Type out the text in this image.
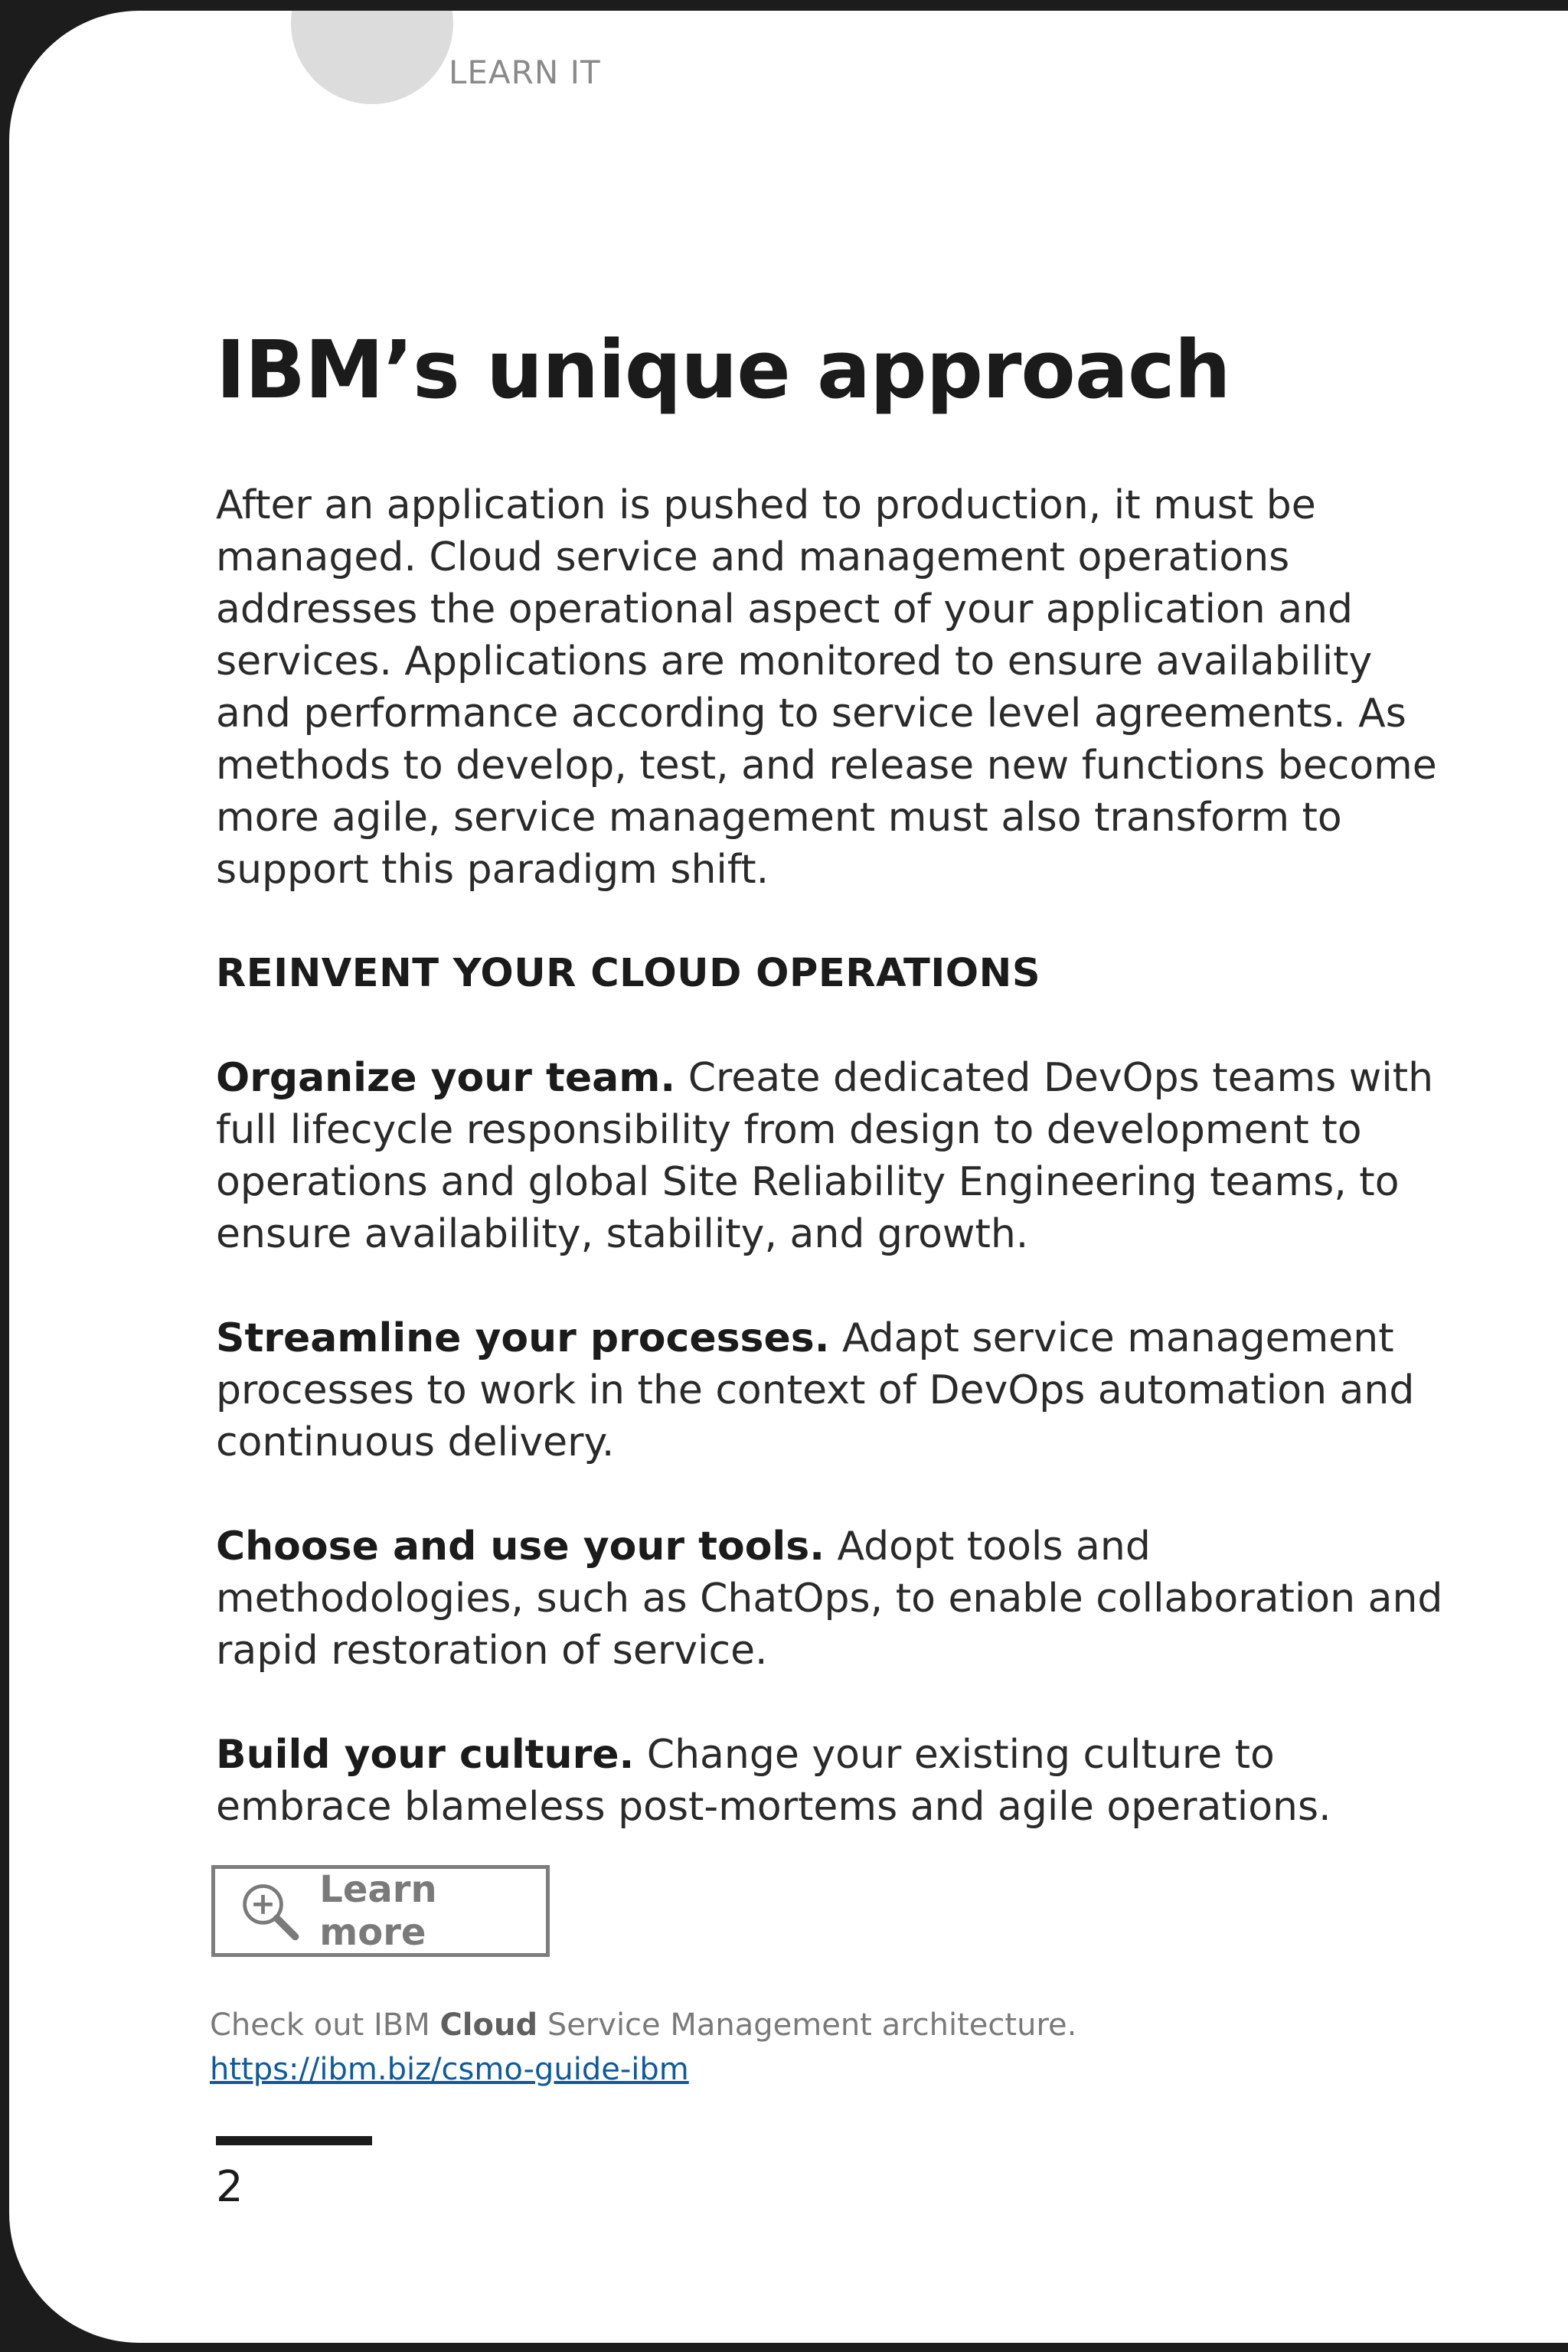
LEARN IT
IBM’s unique approach

After an application is pushed to production, it must be managed. Cloud service and management operations addresses the operational aspect of your application and services. Applications are monitored to ensure availability and performance according to service level agreements. As methods to develop, test, and release new functions become more agile, service management must also transform to support this paradigm shift.

REINVENT YOUR CLOUD OPERATIONS

Organize your team. Create dedicated DevOps teams with full lifecycle responsibility from design to development to operations and global Site Reliability Engineering teams, to ensure availability, stability, and growth.

Streamline your processes. Adapt service management processes to work in the context of DevOps automation and continuous delivery.

Choose and use your tools. Adopt tools and methodologies, such as ChatOps, to enable collaboration and rapid restoration of service.

Build your culture. Change your existing culture to embrace blameless post-mortems and agile operations.

Learn more
Check out IBM Cloud Service Management architecture.
https://ibm.biz/csmo-guide-ibm
2
